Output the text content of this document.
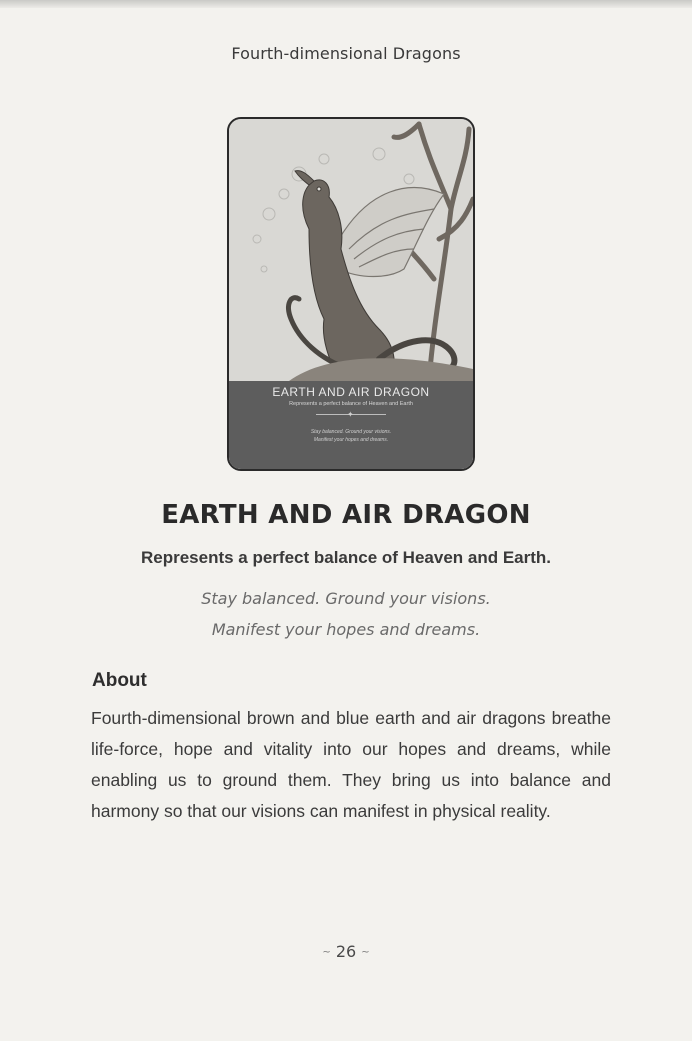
Fourth-dimensional Dragons
EARTH AND AIR DRAGON
Represents a perfect balance of Heaven and Earth
✦
Stay balanced. Ground your visions.
Manifest your hopes and dreams.
EARTH AND AIR DRAGON
Represents a perfect balance of Heaven and Earth.
Stay balanced. Ground your visions.
Manifest your hopes and dreams.
About
Fourth-dimensional brown and blue earth and air dragons breathe life-force, hope and vitality into our hopes and dreams, while enabling us to ground them. They bring us into balance and harmony so that our visions can manifest in physical reality.
~ 26 ~
